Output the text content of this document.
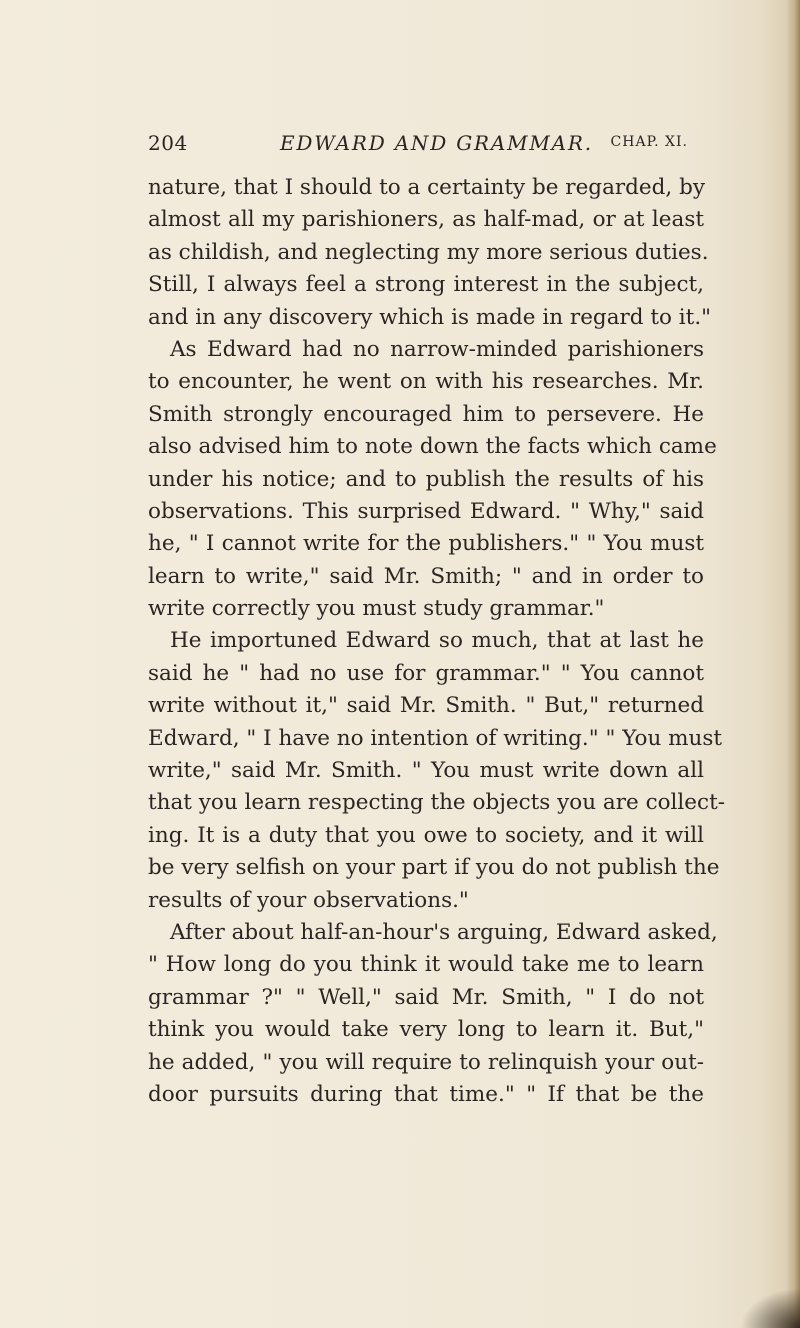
204	EDWARD AND GRAMMAR. CHAP. XI.
nature, that I should to a certainty be regarded, by
almost all my parishioners, as half-mad, or at least
as childish, and neglecting my more serious duties.
Still, I always feel a strong interest in the subject,
and in any discovery which is made in regard to it."
As Edward had no narrow-minded parishioners
to encounter, he went on with his researches. Mr.
Smith strongly encouraged him to persevere. He
also advised him to note down the facts which came
under his notice; and to publish the results of his
observations. This surprised Edward. " Why," said
he, " I cannot write for the publishers." " You must
learn to write," said Mr. Smith; " and in order to
write correctly you must study grammar."
He importuned Edward so much, that at last he
said he " had no use for grammar." " You cannot
write without it," said Mr. Smith. " But," returned
Edward, " I have no intention of writing." " You must
write," said Mr. Smith. " You must write down all
that you learn respecting the objects you are collect-
ing. It is a duty that you owe to society, and it will
be very selfish on your part if you do not publish the
results of your observations."
After about half-an-hour's arguing, Edward asked,
" How long do you think it would take me to learn
grammar ?" " Well," said Mr. Smith, " I do not
think you would take very long to learn it. But,"
he added, " you will require to relinquish your out-
door pursuits during that time." " If that be the
